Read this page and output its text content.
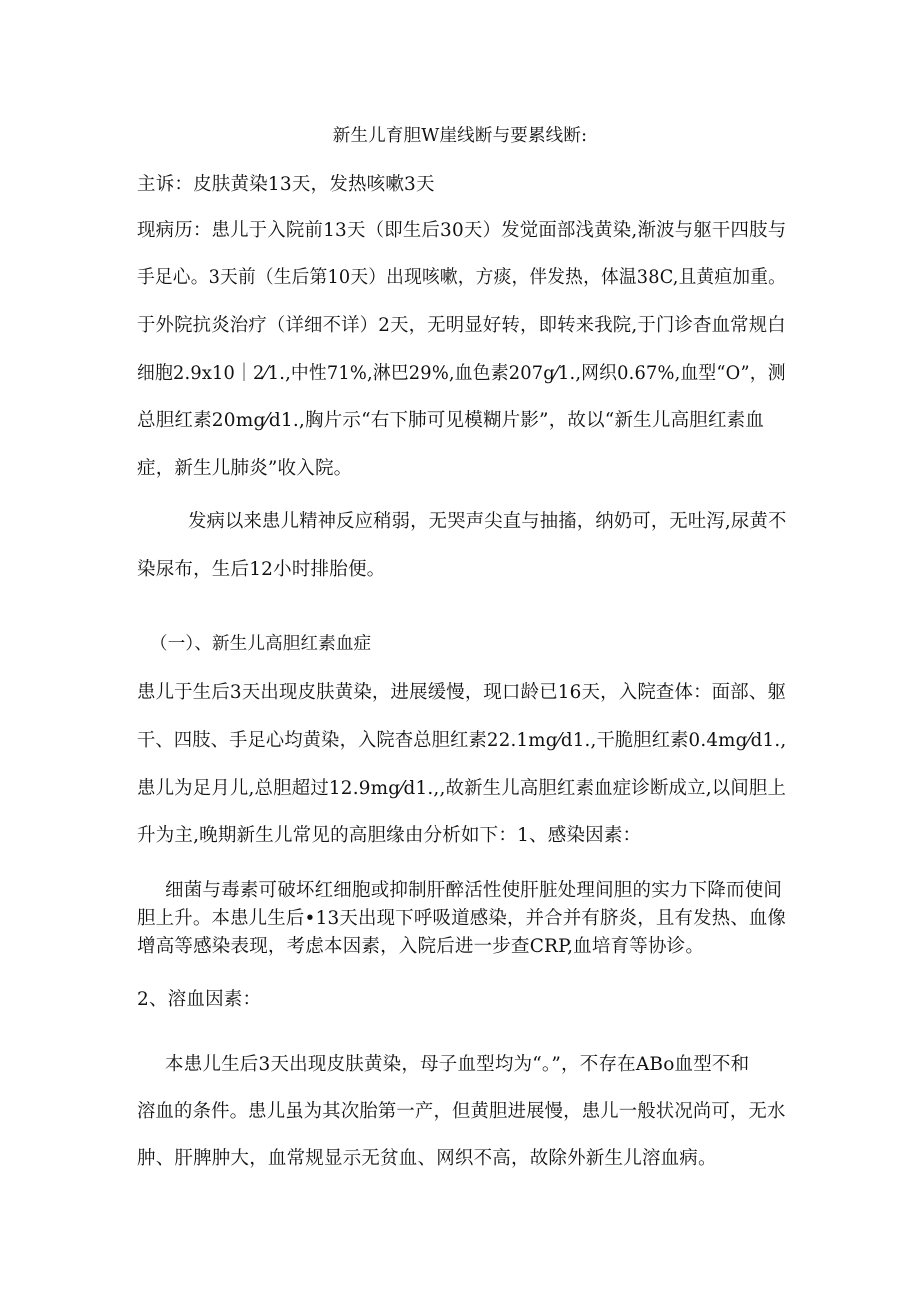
新生儿育胆W崖线断与要累线断:
主诉：皮肤黄染13天，发热咳嗽3天
现病历：患儿于入院前13天（即生后30天）发觉面部浅黄染,渐波与躯干四肢与
手足心。3天前（生后第10天）出现咳嗽，方痰，伴发热，体温38C,且黄疸加重。
于外院抗炎治疗（详细不详）2天，无明显好转，即转来我院,于门诊杳血常规白
细胞2.9x10｜2⁄1.,中性71%,淋巴29%,血色素207g⁄1.,网织0.67%,血型“O”，测
总胆红素20mg⁄d1.,胸片示“右下肺可见模糊片影”，故以“新生儿高胆红素血
症，新生儿肺炎”收入院。
发病以来患儿精神反应稍弱，无哭声尖直与抽搐，纳奶可，无吐泻,尿黄不
染尿布，生后12小时排胎便。
（一）、新生儿高胆红素血症
患儿于生后3天出现皮肤黄染，进展缓慢，现口龄已16天，入院查体：面部、躯
干、四肢、手足心均黄染，入院杳总胆红素22.1mg⁄d1.,干脆胆红素0.4mg⁄d1.,
患儿为足月儿,总胆超过12.9mg⁄d1.,,故新生儿高胆红素血症诊断成立,以间胆上
升为主,晚期新生儿常见的高胆缘由分析如下：1、感染因素：
细菌与毒素可破坏红细胞或抑制肝醉活性使肝脏处理间胆的实力下降而使间
胆上升。本患儿生后•13天出现下呼吸道感染，并合并有脐炎，且有发热、血像
增高等感染表现，考虑本因素，入院后进一步查CRP,血培育等协诊。
2、溶血因素：
本患儿生后3天出现皮肤黄染，母子血型均为“。”，不存在ABo血型不和
溶血的条件。患儿虽为其次胎第一产，但黄胆进展慢，患儿一般状况尚可，无水
肿、肝脾肿大，血常规显示无贫血、网织不高，故除外新生儿溶血病。
